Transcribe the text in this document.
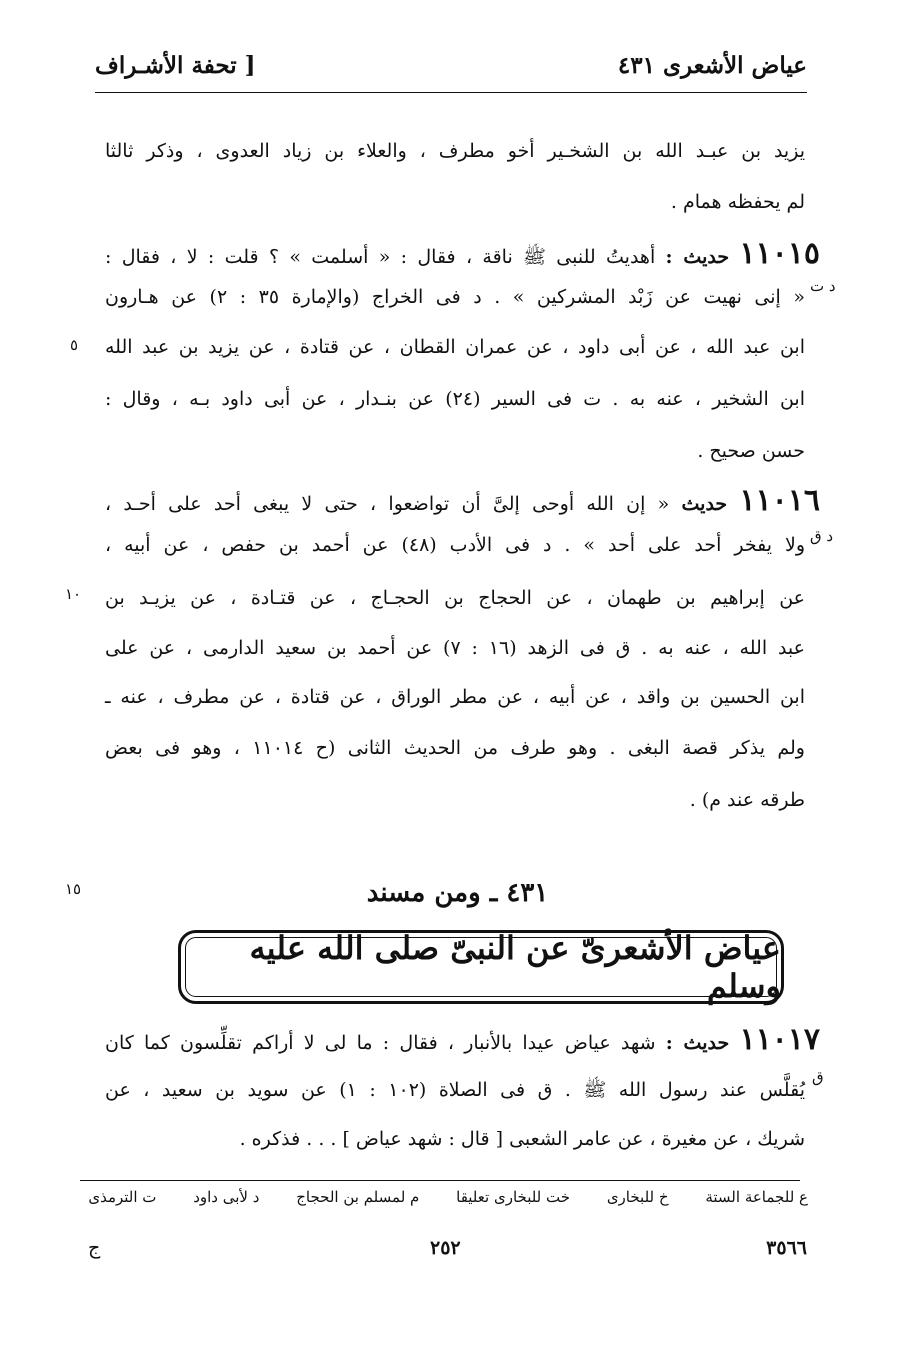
عياض الأشعرى ٤٣١
[ تحفة الأشـراف
يزيد بن عبـد الله بن الشخـير أخو مطرف ، والعلاء بن زياد العدوى ، وذكر ثالثا
لم يحفظه همام .
١١٠١٥ حديث : أهديتُ للنبى ﷺ ناقة ، فقال : « أسلمت » ؟ قلت : لا ، فقال :
د ت
« إنى نهيت عن زَبْد المشركين » . د فى الخراج (والإمارة ٣٥ : ٢) عن هـارون
ابن عبد الله ، عن أبى داود ، عن عمران القطان ، عن قتادة ، عن يزيد بن عبد الله
٥
ابن الشخير ، عنه به . ت فى السير (٢٤) عن بنـدار ، عن أبى داود بـه ، وقال :
حسن صحيح .
١١٠١٦ حديث « إن الله أوحى إلىَّ أن تواضعوا ، حتى لا يبغى أحد على أحـد ،
د ق
ولا يفخر أحد على أحد » . د فى الأدب (٤٨) عن أحمد بن حفص ، عن أبيه ،
عن إبراهيم بن طهمان ، عن الحجاج بن الحجـاج ، عن قتـادة ، عن يزيـد بن
١٠
عبد الله ، عنه به . ق فى الزهد (١٦ : ٧) عن أحمد بن سعيد الدارمى ، عن على
ابن الحسين بن واقد ، عن أبيه ، عن مطر الوراق ، عن قتادة ، عن مطرف ، عنه ـ
ولم يذكر قصة البغى . وهو طرف من الحديث الثانى (ح ١١٠١٤ ، وهو فى بعض
طرقه عند م) .
١٥	٤٣١ ـ ومن مسند
عياض الأشعرىّ عن النبىّ صلى الله عليه وسلم
١١٠١٧ حديث : شهد عياض عيدا بالأنبار ، فقال : ما لى لا أراكم تقلِّسون كما كان
ق
يُقلَّس عند رسول الله ﷺ . ق فى الصلاة (١٠٢ : ١) عن سويد بن سعيد ، عن
شريك ، عن مغيرة ، عن عامر الشعبى [ قال : شهد عياض ] . . . فذكره .
ع للجماعة الستة خ للبخارى خت للبخارى تعليقا م لمسلم بن الحجاج د لأبى داود ت الترمذى
٣٥٦٦
٢٥٢
ج
